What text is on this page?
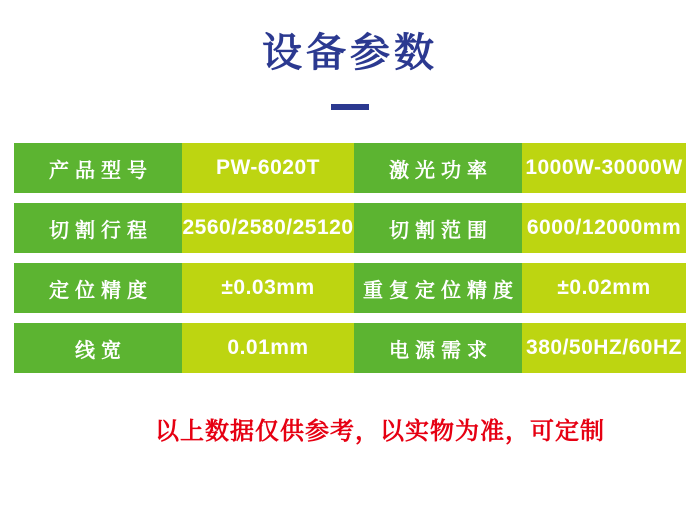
设备参数
产品型号	PW-6020T	激光功率	1000W-30000W
切割行程	2560/2580/25120	切割范围	6000/12000mm
定位精度	±0.03mm	重复定位精度	±0.02mm
线宽	0.01mm	电源需求	380/50HZ/60HZ
以上数据仅供参考，以实物为准，可定制
